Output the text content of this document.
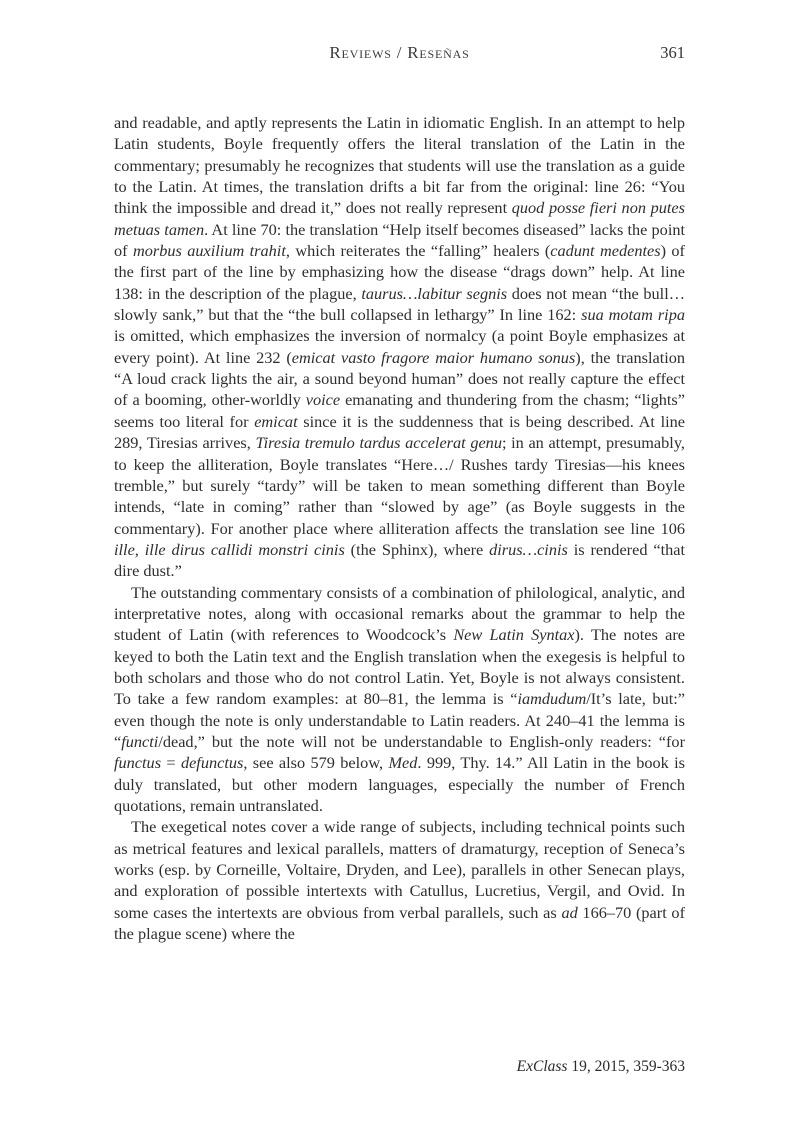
Reviews / Reseñas	361

and readable, and aptly represents the Latin in idiomatic English. In an attempt to help Latin students, Boyle frequently offers the literal translation of the Latin in the commentary; presumably he recognizes that students will use the translation as a guide to the Latin. At times, the translation drifts a bit far from the original: line 26: “You think the impossible and dread it,” does not really represent quod posse fieri non putes metuas tamen. At line 70: the translation “Help itself becomes diseased” lacks the point of morbus auxilium trahit, which reiterates the “falling” healers (cadunt medentes) of the first part of the line by emphasizing how the disease “drags down” help. At line 138: in the description of the plague, taurus…labitur segnis does not mean “the bull…slowly sank,” but that the “the bull collapsed in lethargy” In line 162: sua motam ripa is omitted, which emphasizes the inversion of normalcy (a point Boyle emphasizes at every point). At line 232 (emicat vasto fragore maior humano sonus), the translation “A loud crack lights the air, a sound beyond human” does not really capture the effect of a booming, other-worldly voice emanating and thundering from the chasm; “lights” seems too literal for emicat since it is the suddenness that is being described. At line 289, Tiresias arrives, Tiresia tremulo tardus accelerat genu; in an attempt, presumably, to keep the alliteration, Boyle translates “Here…/ Rushes tardy Tiresias—his knees tremble,” but surely “tardy” will be taken to mean something different than Boyle intends, “late in coming” rather than “slowed by age” (as Boyle suggests in the commentary). For another place where alliteration affects the translation see line 106 ille, ille dirus callidi monstri cinis (the Sphinx), where dirus…cinis is rendered “that dire dust.”

The outstanding commentary consists of a combination of philological, analytic, and interpretative notes, along with occasional remarks about the grammar to help the student of Latin (with references to Woodcock’s New Latin Syntax). The notes are keyed to both the Latin text and the English translation when the exegesis is helpful to both scholars and those who do not control Latin. Yet, Boyle is not always consistent. To take a few random examples: at 80–81, the lemma is “iamdudum/It’s late, but:” even though the note is only understandable to Latin readers. At 240–41 the lemma is “functi/dead,” but the note will not be understandable to English-only readers: “for functus = defunctus, see also 579 below, Med. 999, Thy. 14.” All Latin in the book is duly translated, but other modern languages, especially the number of French quotations, remain untranslated.

The exegetical notes cover a wide range of subjects, including technical points such as metrical features and lexical parallels, matters of dramaturgy, reception of Seneca’s works (esp. by Corneille, Voltaire, Dryden, and Lee), parallels in other Senecan plays, and exploration of possible intertexts with Catullus, Lucretius, Vergil, and Ovid. In some cases the intertexts are obvious from verbal parallels, such as ad 166–70 (part of the plague scene) where the

ExClass 19, 2015, 359-363
